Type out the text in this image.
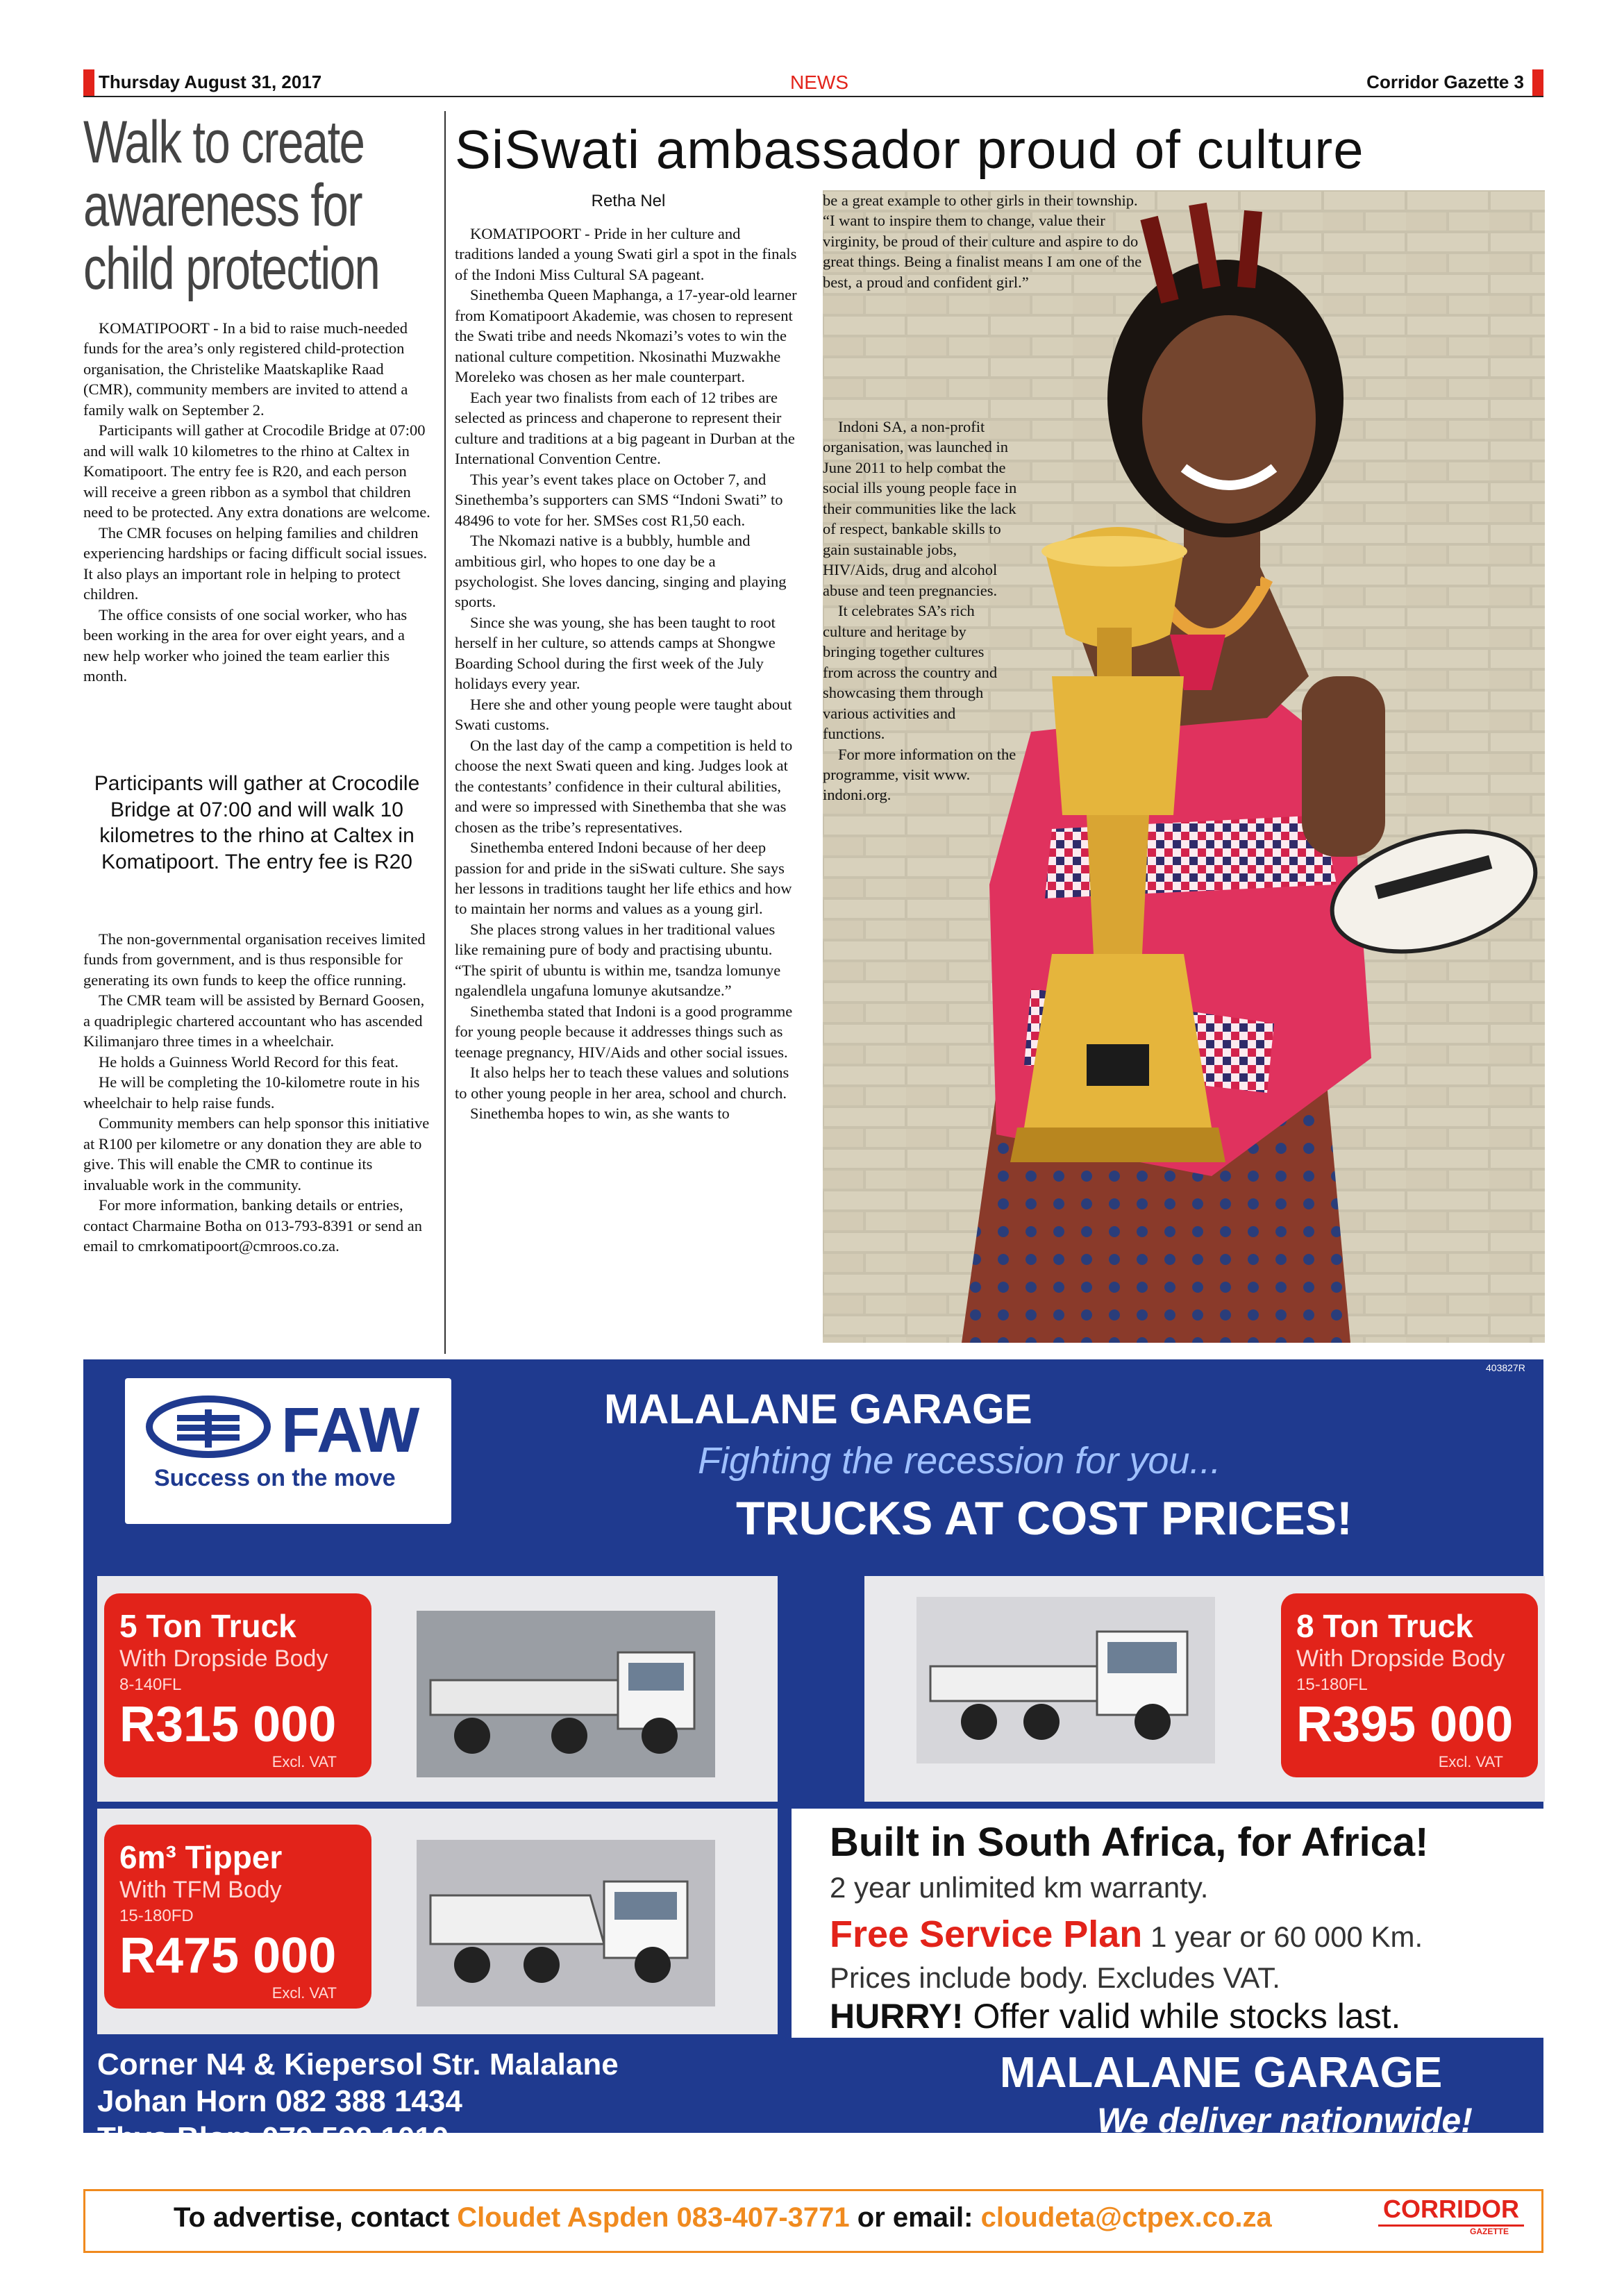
Thursday August 31, 2017	NEWS	Corridor Gazette 3
Walk to create
awareness for
child protection

KOMATIPOORT - In a bid to raise much-needed funds for the area’s only registered child-protection organisation, the Christelike Maatskaplike Raad (CMR), community members are invited to attend a family walk on September 2.

Participants will gather at Crocodile Bridge at 07:00 and will walk 10 kilometres to the rhino at Caltex in Komatipoort. The entry fee is R20, and each person will receive a green ribbon as a symbol that children need to be protected. Any extra donations are welcome.

The CMR focuses on helping families and children experiencing hardships or facing difficult social issues. It also plays an important role in helping to protect children.

The office consists of one social worker, who has been working in the area for over eight years, and a new help worker who joined the team earlier this month.

Participants will gather at Crocodile Bridge at 07:00 and will walk 10 kilometres to the rhino at Caltex in Komatipoort. The entry fee is R20

The non-governmental organisation receives limited funds from government, and is thus responsible for generating its own funds to keep the office running.

The CMR team will be assisted by Bernard Goosen, a quadriplegic chartered accountant who has ascended Kilimanjaro three times in a wheelchair.

He holds a Guinness World Record for this feat.

He will be completing the 10-kilometre route in his wheelchair to help raise funds.

Community members can help sponsor this initiative at R100 per kilometre or any donation they are able to give. This will enable the CMR to continue its invaluable work in the community.

For more information, banking details or entries, contact Charmaine Botha on 013-793-8391 or send an email to cmrkomatipoort@cmroos.co.za.

SiSwati ambassador proud of culture
Retha Nel

KOMATIPOORT - Pride in her culture and traditions landed a young Swati girl a spot in the finals of the Indoni Miss Cultural SA pageant.

Sinethemba Queen Maphanga, a 17-year-old learner from Komatipoort Akademie, was chosen to represent the Swati tribe and needs Nkomazi’s votes to win the national culture competition. Nkosinathi Muzwakhe Moreleko was chosen as her male counterpart.

Each year two finalists from each of 12 tribes are selected as princess and chaperone to represent their culture and traditions at a big pageant in Durban at the International Convention Centre.

This year’s event takes place on October 7, and Sinethemba’s supporters can SMS “Indoni Swati” to 48496 to vote for her. SMSes cost R1,50 each.

The Nkomazi native is a bubbly, humble and ambitious girl, who hopes to one day be a psychologist. She loves dancing, singing and playing sports.

Since she was young, she has been taught to root herself in her culture, so attends camps at Shongwe Boarding School during the first week of the July holidays every year.

Here she and other young people were taught about Swati customs.

On the last day of the camp a competition is held to choose the next Swati queen and king. Judges look at the contestants’ confidence in their cultural abilities, and were so impressed with Sinethemba that she was chosen as the tribe’s representatives.

Sinethemba entered Indoni because of her deep passion for and pride in the siSwati culture. She says her lessons in traditions taught her life ethics and how to maintain her norms and values as a young girl.

She places strong values in her traditional values like remaining pure of body and practising ubuntu. “The spirit of ubuntu is within me, tsandza lomunye ngalendlela ungafuna lomunye akutsandze.”

Sinethemba stated that Indoni is a good programme for young people because it addresses things such as teenage pregnancy, HIV/Aids and other social issues.

It also helps her to teach these values and solutions to other young people in her area, school and church.

Sinethemba hopes to win, as she wants to

be a great example to other girls in their township. “I want to inspire them to change, value their virginity, be proud of their culture and aspire to do great things. Being a finalist means I am one of the best, a proud and confident girl.”

Indoni SA, a non-profit organisation, was launched in June 2011 to help combat the social ills young people face in their communities like the lack of respect, bankable skills to gain sustainable jobs, HIV/Aids, drug and alcohol abuse and teen pregnancies.

It celebrates SA’s rich culture and heritage by bringing together cultures from across the country and showcasing them through various activities and functions.

For more information on the programme, visit www. indoni.org.

403827R
FAW
Success on the move
MALALANE GARAGE
Fighting the recession for you...
TRUCKS AT COST PRICES!
5 Ton Truck
With Dropside Body
8-140FL
R315 000
Excl. VAT
8 Ton Truck
With Dropside Body
15-180FL
R395 000
Excl. VAT
6m³ Tipper
With TFM Body
15-180FD
R475 000
Excl. VAT
Built in South Africa, for Africa!
2 year unlimited km warranty.
Free Service Plan 1 year or 60 000 Km.
Prices include body. Excludes VAT.
HURRY! Offer valid while stocks last.
Corner N4 & Kiepersol Str. Malalane
Johan Horn 082 388 1434
Thys Blom 079 522 1010
MALALANE GARAGE
We deliver nationwide!
To advertise, contact Cloudet Aspden 083-407-3771 or email: cloudeta@ctpex.co.za	CORRIDOR
GAZETTE
